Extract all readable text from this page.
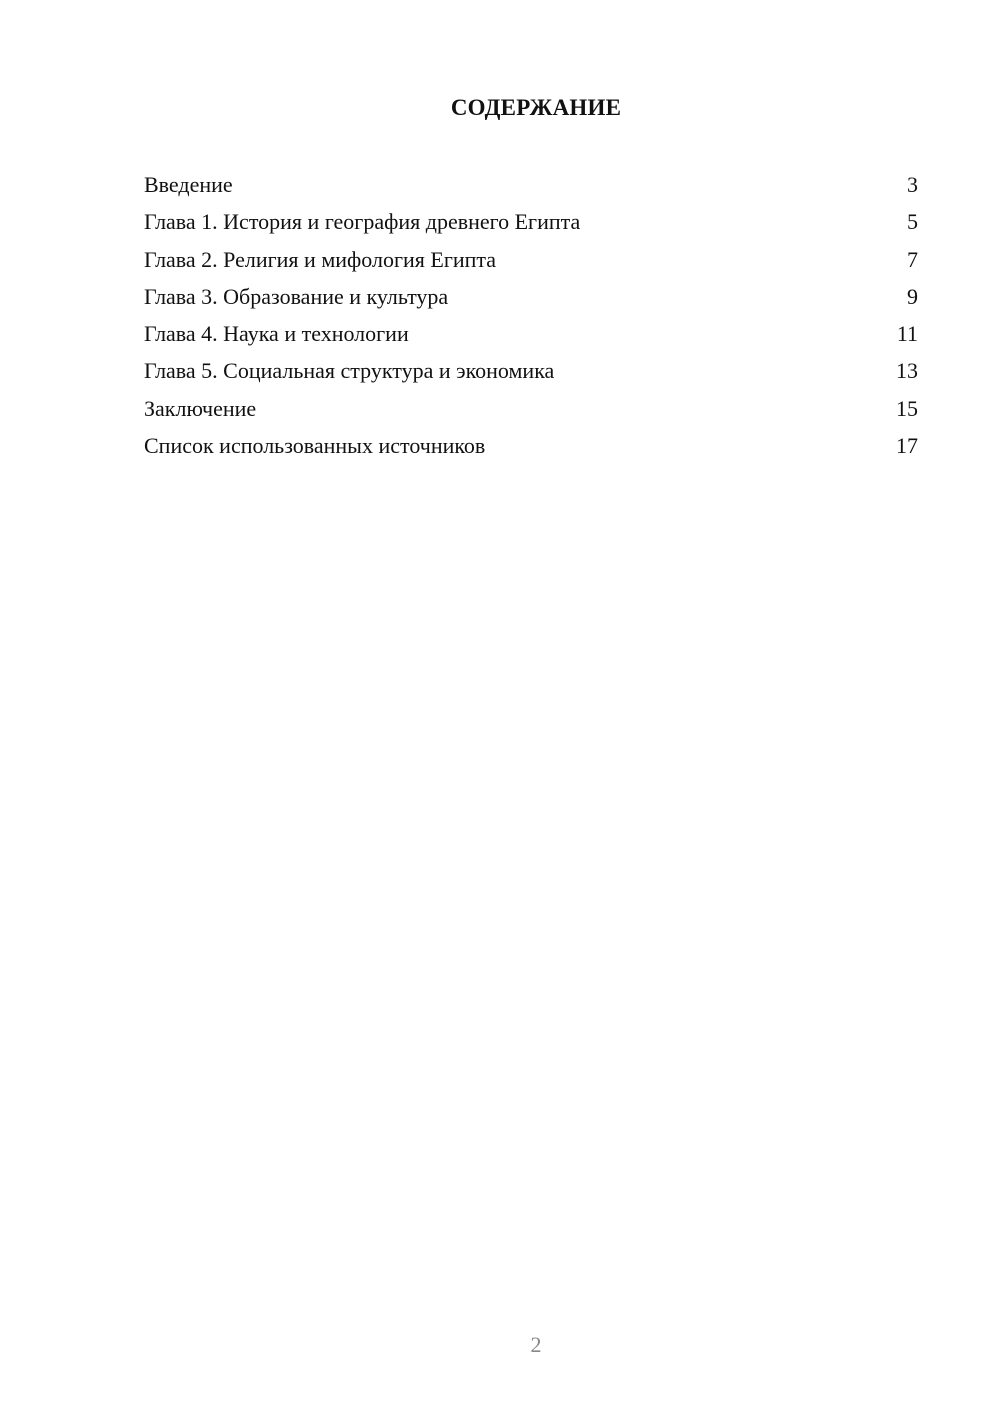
СОДЕРЖАНИЕ
Введение	3
Глава 1. История и география древнего Египта	5
Глава 2. Религия и мифология Египта	7
Глава 3. Образование и культура	9
Глава 4. Наука и технологии	11
Глава 5. Социальная структура и экономика	13
Заключение	15
Список использованных источников	17
2
